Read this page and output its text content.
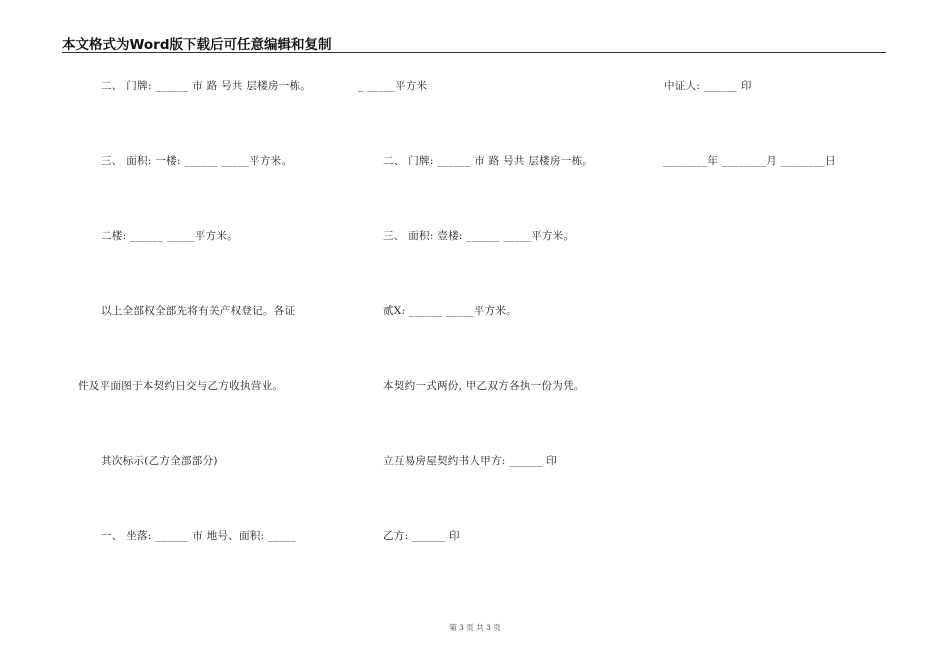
本文格式为Word版下载后可任意编辑和复制
二、 门牌: ______ 市 路 号共 层楼房一栋。
三、 面积: 一楼: ______ _____平方米。
二楼: ______ _____平方米。
以上全部权全部先将有关产权登记。各证
件及平面图于本契约日交与乙方收执营业。
其次标示(乙方全部部分)
一、 坐落: ______ 市 地号、面积: _____
_ _____平方米
二、 门牌: ______ 市 路 号共 层楼房一栋。
三、 面积: 壹楼: ______ _____平方米。
贰X: ______ _____平方米。
本契约一式两份, 甲乙双方各执一份为凭。
立互易房屋契约书人甲方: ______ 印
乙方: ______ 印
中证人: ______ 印
________年 ________月 ________日
第 3 页 共 3 页
